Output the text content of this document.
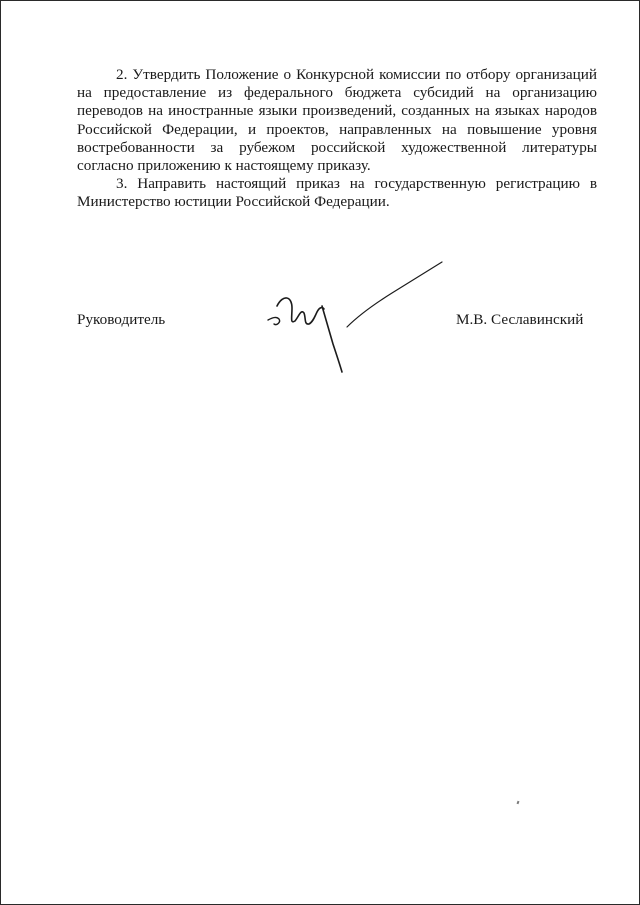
2. Утвердить Положение о Конкурсной комиссии по отбору организаций на предоставление из федерального бюджета субсидий на организацию переводов на иностранные языки произведений, созданных на языках народов Российской Федерации, и проектов, направленных на повышение уровня востребованности за рубежом российской художественной литературы согласно приложению к настоящему приказу.

3. Направить настоящий приказ на государственную регистрацию в Министерство юстиции Российской Федерации.

Руководитель	М.В. Сеславинский
